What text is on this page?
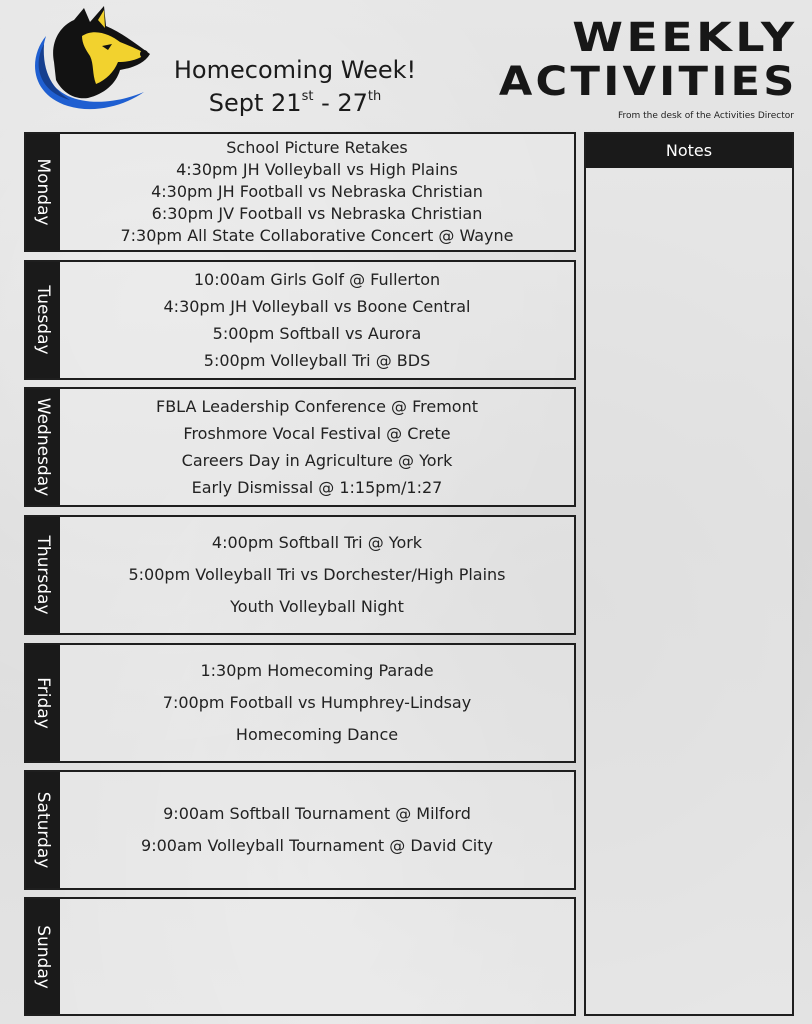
Homecoming Week!
Sept 21st - 27th
WEEKLY
ACTIVITIES
From the desk of the Activities Director
Monday
School Picture Retakes
4:30pm JH Volleyball vs High Plains
4:30pm JH Football vs Nebraska Christian
6:30pm JV Football vs Nebraska Christian
7:30pm All State Collaborative Concert @ Wayne
Tuesday
10:00am Girls Golf @ Fullerton
4:30pm JH Volleyball vs Boone Central
5:00pm Softball vs Aurora
5:00pm Volleyball Tri @ BDS
Wednesday	FBLA Leadership Conference @ Fremont
Froshmore Vocal Festival @ Crete
Careers Day in Agriculture @ York
Early Dismissal @ 1:15pm/1:27
Thursday	4:00pm Softball Tri @ York
5:00pm Volleyball Tri vs Dorchester/High Plains
Youth Volleyball Night
Friday
1:30pm Homecoming Parade
7:00pm Football vs Humphrey-Lindsay
Homecoming Dance
Saturday	9:00am Softball Tournament @ Milford
9:00am Volleyball Tournament @ David City
Sunday
Notes
